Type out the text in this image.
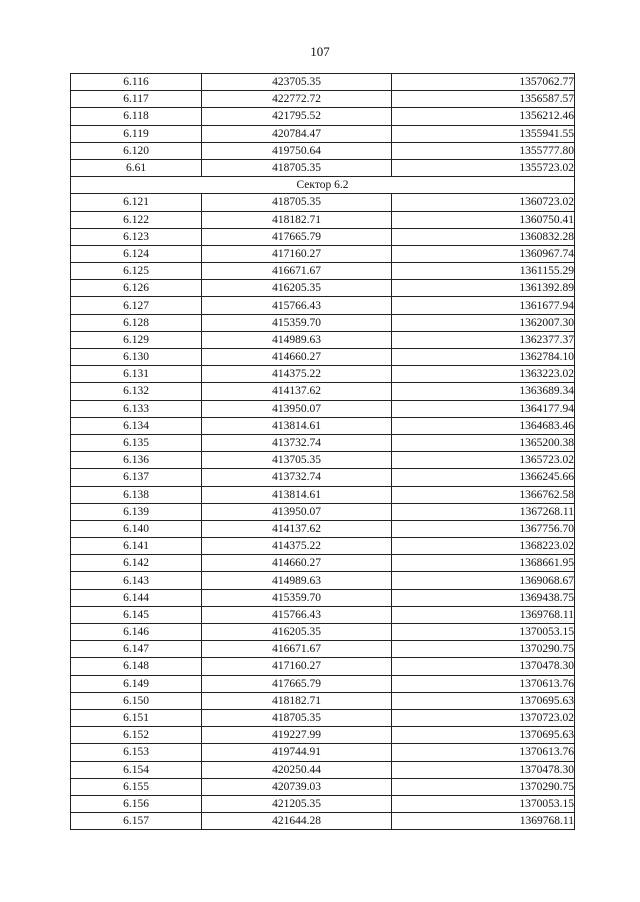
107
6.116	423705.35	1357062.77
6.117	422772.72	1356587.57
6.118	421795.52	1356212.46
6.119	420784.47	1355941.55
6.120	419750.64	1355777.80
6.61	418705.35	1355723.02
Сектор 6.2		
6.121	418705.35	1360723.02
6.122	418182.71	1360750.41
6.123	417665.79	1360832.28
6.124	417160.27	1360967.74
6.125	416671.67	1361155.29
6.126	416205.35	1361392.89
6.127	415766.43	1361677.94
6.128	415359.70	1362007.30
6.129	414989.63	1362377.37
6.130	414660.27	1362784.10
6.131	414375.22	1363223.02
6.132	414137.62	1363689.34
6.133	413950.07	1364177.94
6.134	413814.61	1364683.46
6.135	413732.74	1365200.38
6.136	413705.35	1365723.02
6.137	413732.74	1366245.66
6.138	413814.61	1366762.58
6.139	413950.07	1367268.11
6.140	414137.62	1367756.70
6.141	414375.22	1368223.02
6.142	414660.27	1368661.95
6.143	414989.63	1369068.67
6.144	415359.70	1369438.75
6.145	415766.43	1369768.11
6.146	416205.35	1370053.15
6.147	416671.67	1370290.75
6.148	417160.27	1370478.30
6.149	417665.79	1370613.76
6.150	418182.71	1370695.63
6.151	418705.35	1370723.02
6.152	419227.99	1370695.63
6.153	419744.91	1370613.76
6.154	420250.44	1370478.30
6.155	420739.03	1370290.75
6.156	421205.35	1370053.15
6.157	421644.28	1369768.11
